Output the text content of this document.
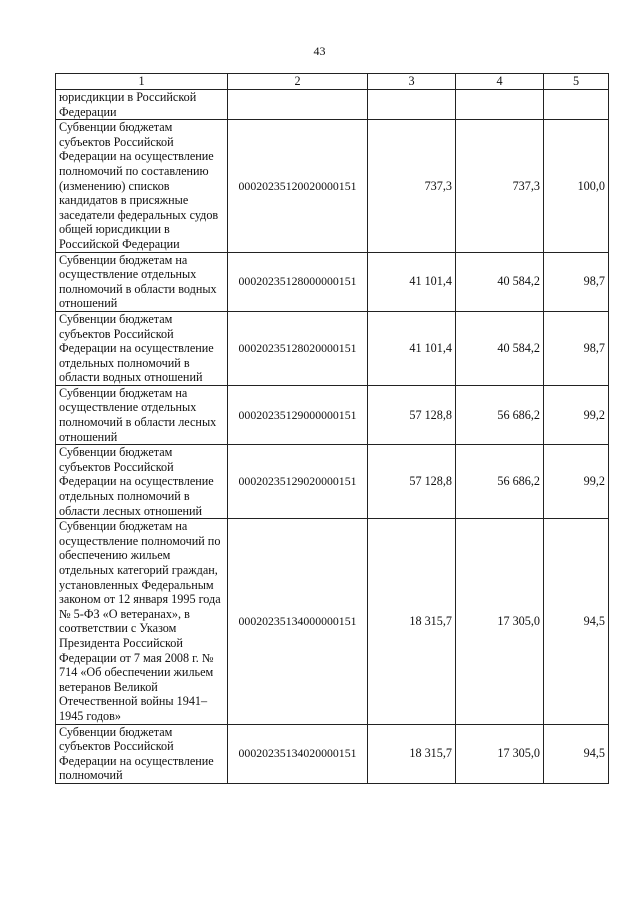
43
1	2	3	4	5
юрисдикции в Российской Федерации				
Субвенции бюджетам субъектов Российской Федерации на осуществление полномочий по составлению (изменению) списков кандидатов в присяжные заседатели федеральных судов общей юрисдикции в Российской Федерации	00020235120020000151	737,3	737,3	100,0
Субвенции бюджетам на осуществление отдельных полномочий в области водных отношений	00020235128000000151	41 101,4	40 584,2	98,7
Субвенции бюджетам субъектов Российской Федерации на осуществление отдельных полномочий в области водных отношений	00020235128020000151	41 101,4	40 584,2	98,7
Субвенции бюджетам на осуществление отдельных полномочий в области лесных отношений	00020235129000000151	57 128,8	56 686,2	99,2
Субвенции бюджетам субъектов Российской Федерации на осуществление отдельных полномочий в области лесных отношений	00020235129020000151	57 128,8	56 686,2	99,2
Субвенции бюджетам на осуществление полномочий по обеспечению жильем отдельных категорий граждан, установленных Федеральным законом от 12 января 1995 года № 5-ФЗ «О ветеранах», в соответствии с Указом Президента Российской Федерации от 7 мая 2008 г. № 714 «Об обеспечении жильем ветеранов Великой Отечественной войны 1941–1945 годов»	00020235134000000151	18 315,7	17 305,0	94,5
Субвенции бюджетам субъектов Российской Федерации на осуществление полномочий	00020235134020000151	18 315,7	17 305,0	94,5
